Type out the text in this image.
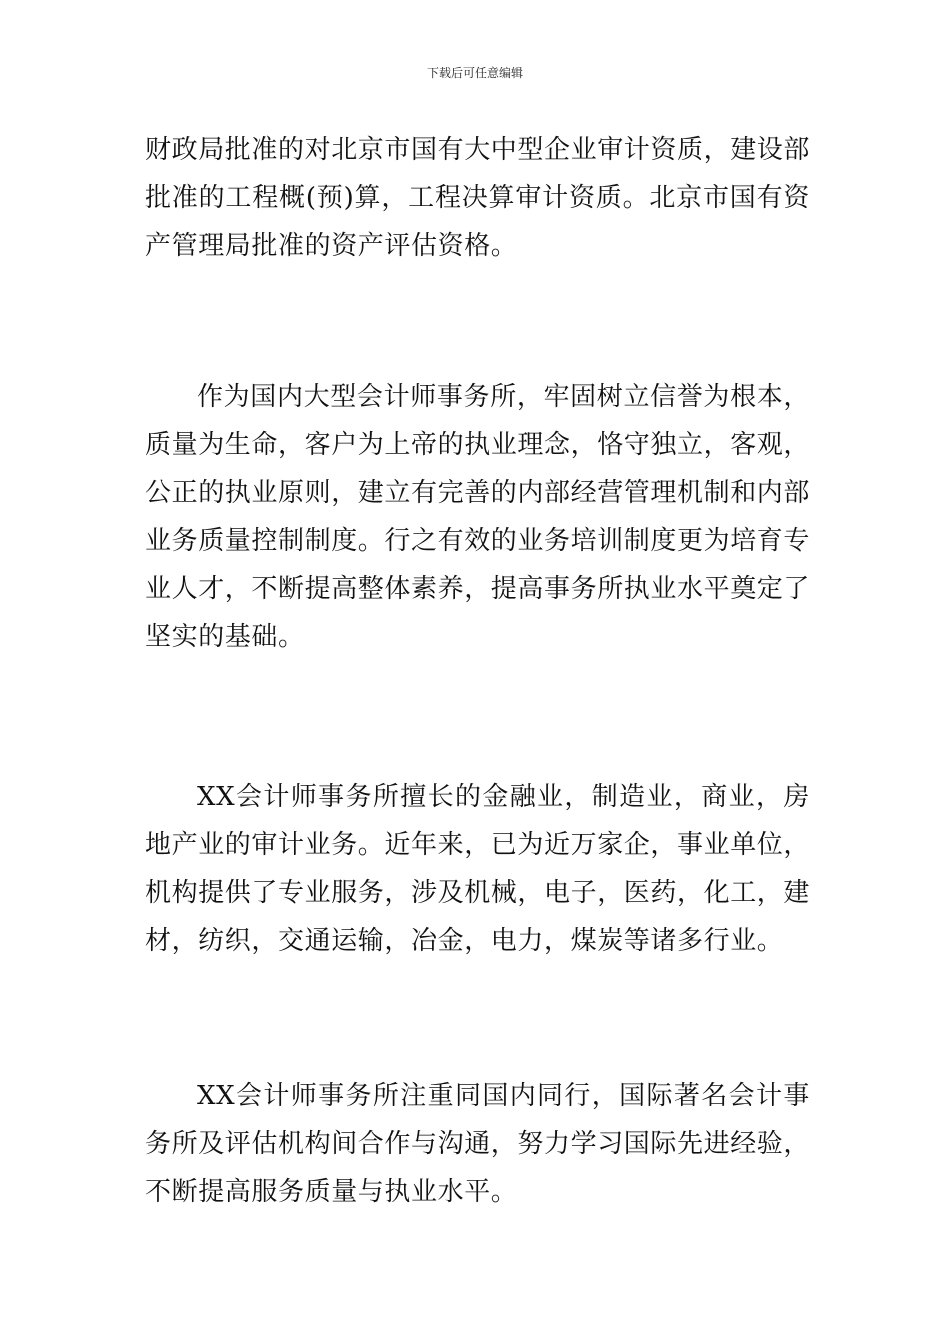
下载后可任意编辑

财政局批准的对北京市国有大中型企业审计资质，建设部批准的工程概(预)算，工程决算审计资质。北京市国有资产管理局批准的资产评估资格。

作为国内大型会计师事务所，牢固树立信誉为根本，质量为生命，客户为上帝的执业理念，恪守独立，客观，公正的执业原则，建立有完善的内部经营管理机制和内部业务质量控制制度。行之有效的业务培训制度更为培育专业人才，不断提高整体素养，提高事务所执业水平奠定了坚实的基础。

XX会计师事务所擅长的金融业，制造业，商业，房地产业的审计业务。近年来，已为近万家企，事业单位，机构提供了专业服务，涉及机械，电子，医药，化工，建材，纺织，交通运输，冶金，电力，煤炭等诸多行业。

XX会计师事务所注重同国内同行，国际著名会计事务所及评估机构间合作与沟通，努力学习国际先进经验，不断提高服务质量与执业水平。
